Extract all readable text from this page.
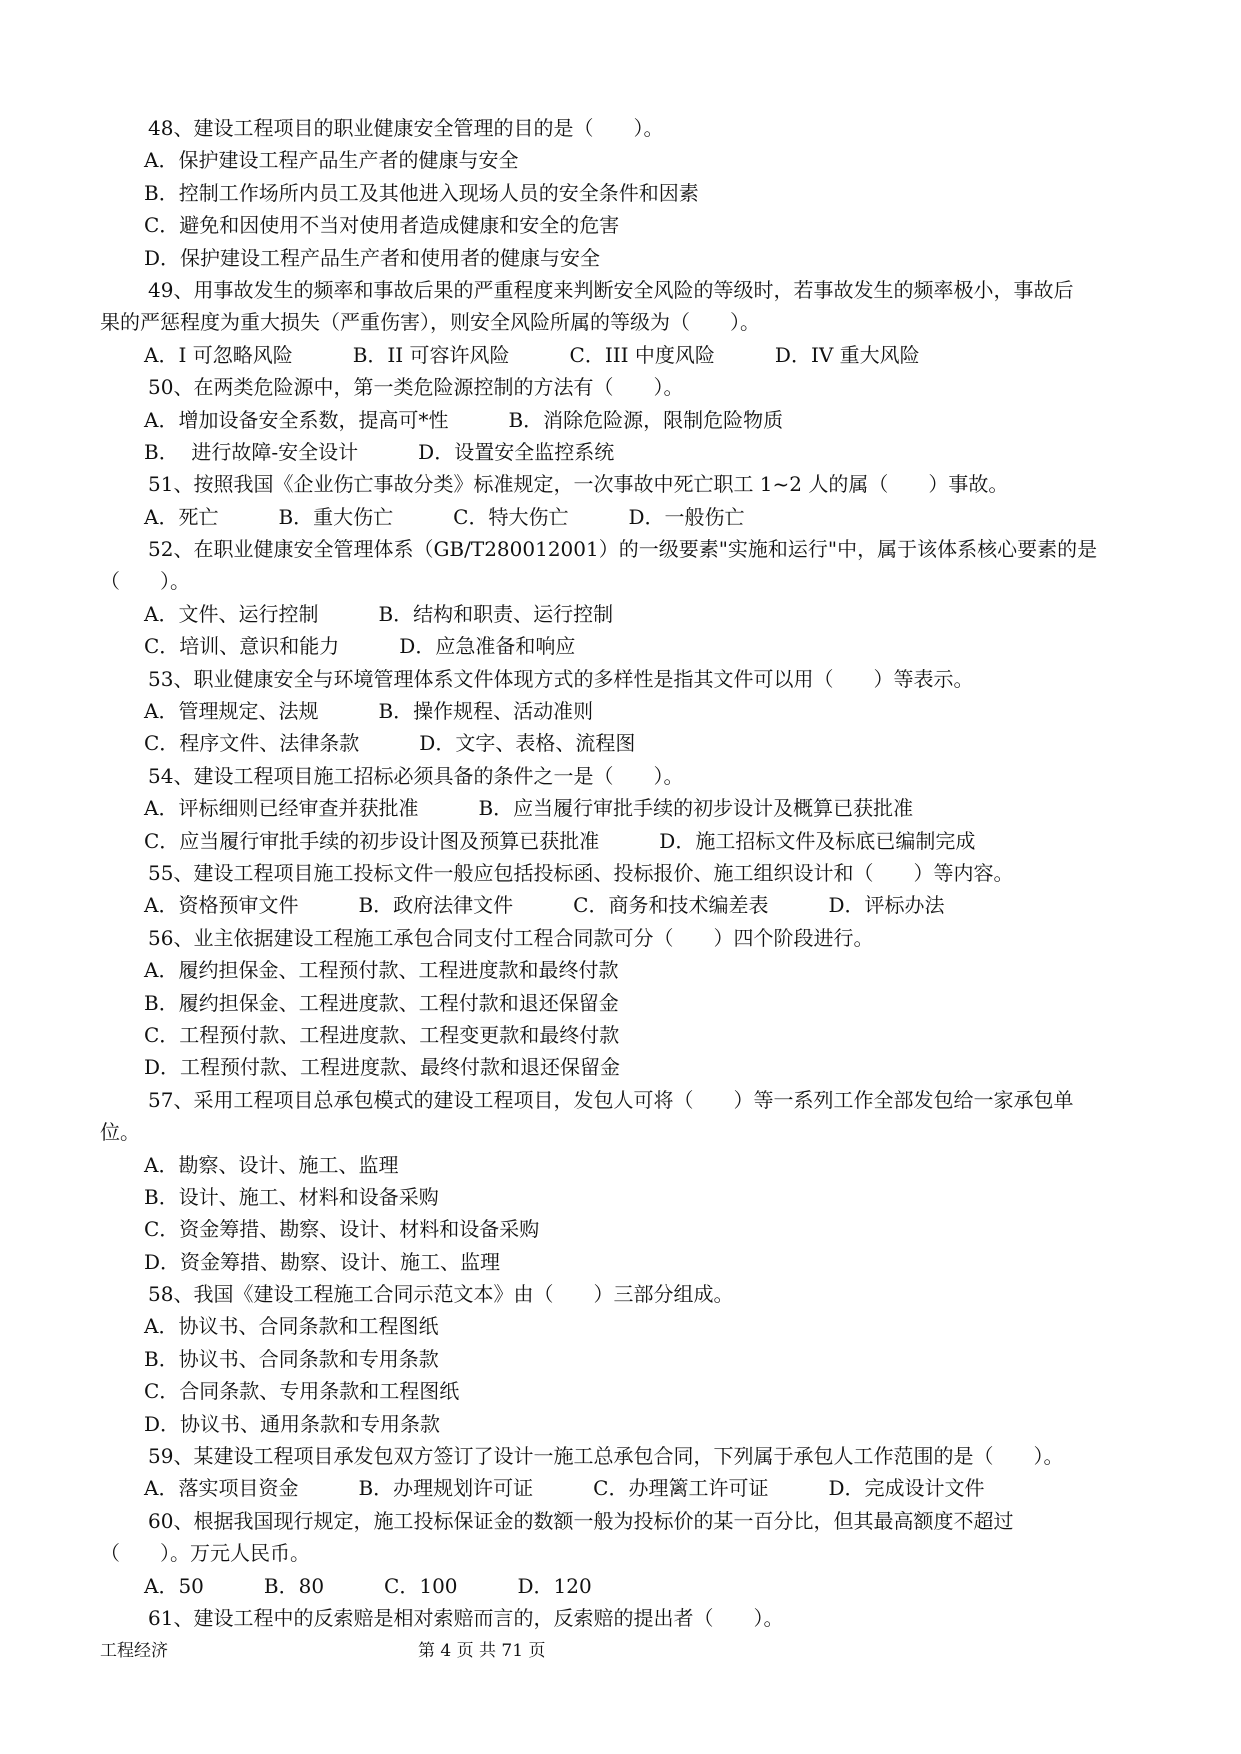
48、建设工程项目的职业健康安全管理的目的是（　　）。
A．保护建设工程产品生产者的健康与安全
B．控制工作场所内员工及其他进入现场人员的安全条件和因素
C．避免和因使用不当对使用者造成健康和安全的危害
D．保护建设工程产品生产者和使用者的健康与安全
49、用事故发生的频率和事故后果的严重程度来判断安全风险的等级时，若事故发生的频率极小，事故后
果的严惩程度为重大损失（严重伤害），则安全风险所属的等级为（　　）。
A．I 可忽略风险　　　B．II 可容许风险　　　C．III 中度风险　　　D．IV 重大风险
50、在两类危险源中，第一类危险源控制的方法有（　　）。
A．增加设备安全系数，提高可*性　　　B．消除危险源，限制危险物质
B．  进行故障-安全设计　　　D．设置安全监控系统
51、按照我国《企业伤亡事故分类》标准规定，一次事故中死亡职工 1~2 人的属（　　）事故。
A．死亡　　　B．重大伤亡　　　C．特大伤亡　　　D．一般伤亡
52、在职业健康安全管理体系（GB/T280012001）的一级要素"实施和运行"中，属于该体系核心要素的是
（　　）。
A．文件、运行控制　　　B．结构和职责、运行控制
C．培训、意识和能力　　　D．应急准备和响应
53、职业健康安全与环境管理体系文件体现方式的多样性是指其文件可以用（　　）等表示。
A．管理规定、法规　　　B．操作规程、活动准则
C．程序文件、法律条款　　　D．文字、表格、流程图
54、建设工程项目施工招标必须具备的条件之一是（　　）。
A．评标细则已经审查并获批准　　　B．应当履行审批手续的初步设计及概算已获批准
C．应当履行审批手续的初步设计图及预算已获批准　　　D．施工招标文件及标底已编制完成
55、建设工程项目施工投标文件一般应包括投标函、投标报价、施工组织设计和（　　）等内容。
A．资格预审文件　　　B．政府法律文件　　　C．商务和技术编差表　　　D．评标办法
56、业主依据建设工程施工承包合同支付工程合同款可分（　　）四个阶段进行。
A．履约担保金、工程预付款、工程进度款和最终付款
B．履约担保金、工程进度款、工程付款和退还保留金
C．工程预付款、工程进度款、工程变更款和最终付款
D．工程预付款、工程进度款、最终付款和退还保留金
57、采用工程项目总承包模式的建设工程项目，发包人可将（　　）等一系列工作全部发包给一家承包单
位。
A．勘察、设计、施工、监理
B．设计、施工、材料和设备采购
C．资金筹措、勘察、设计、材料和设备采购
D．资金筹措、勘察、设计、施工、监理
58、我国《建设工程施工合同示范文本》由（　　）三部分组成。
A．协议书、合同条款和工程图纸
B．协议书、合同条款和专用条款
C．合同条款、专用条款和工程图纸
D．协议书、通用条款和专用条款
59、某建设工程项目承发包双方签订了设计一施工总承包合同，下列属于承包人工作范围的是（　　）。
A．落实项目资金　　　B．办理规划许可证　　　C．办理篱工许可证　　　D．完成设计文件
60、根据我国现行规定，施工投标保证金的数额一般为投标价的某一百分比，但其最高额度不超过
（　　）。万元人民币。
A．50　　　B．80　　　C．100　　　D．120
61、建设工程中的反索赔是相对索赔而言的，反索赔的提出者（　　）。
工程经济	第 4 页 共 71 页
